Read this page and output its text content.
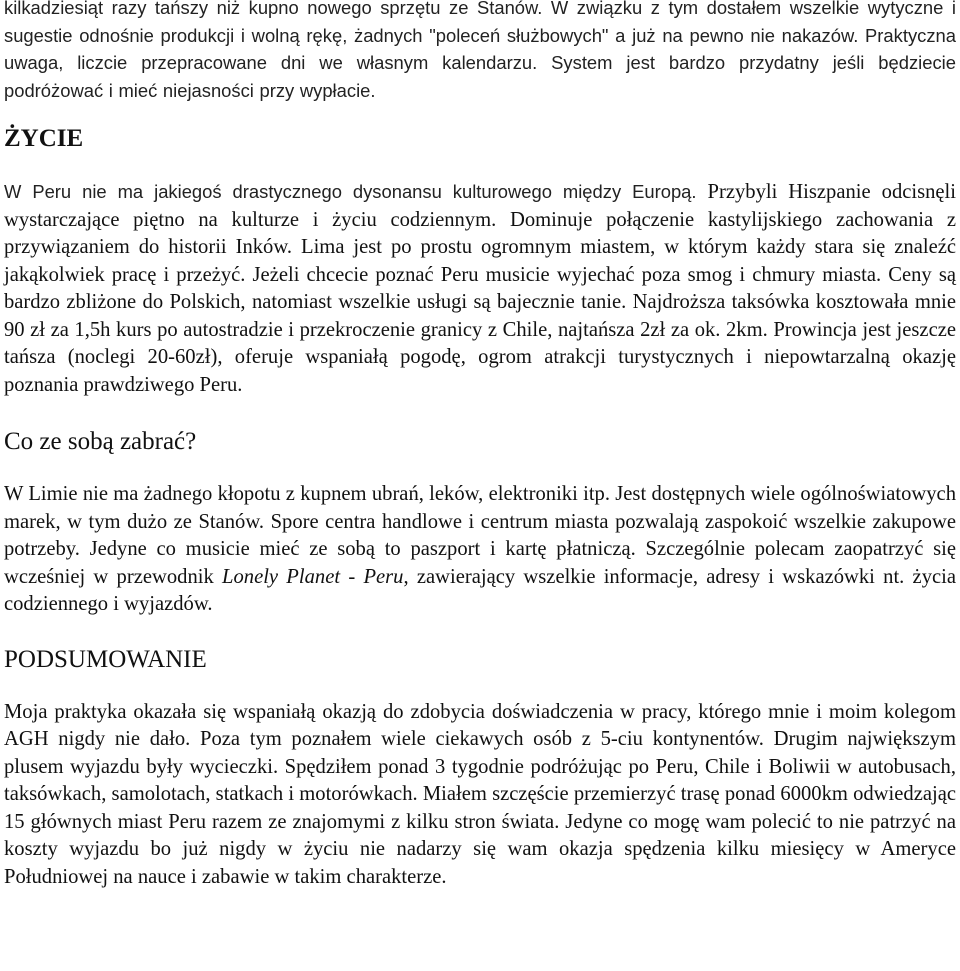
kilkadziesiąt razy tańszy niż kupno nowego sprzętu ze Stanów. W związku z tym dostałem wszelkie wytyczne i sugestie odnośnie produkcji i wolną rękę, żadnych "poleceń służbowych" a już na pewno nie nakazów. Praktyczna uwaga, liczcie przepracowane dni we własnym kalendarzu. System jest bardzo przydatny jeśli będziecie podróżować i mieć niejasności przy wypłacie.

ŻYCIE

W Peru nie ma jakiegoś drastycznego dysonansu kulturowego między Europą. Przybyli Hiszpanie odcisnęli wystarczające piętno na kulturze i życiu codziennym. Dominuje połączenie kastylijskiego zachowania z przywiązaniem do historii Inków. Lima jest po prostu ogromnym miastem, w którym każdy stara się znaleźć jakąkolwiek pracę i przeżyć. Jeżeli chcecie poznać Peru musicie wyjechać poza smog i chmury miasta. Ceny są bardzo zbliżone do Polskich, natomiast wszelkie usługi są bajecznie tanie. Najdroższa taksówka kosztowała mnie 90 zł za 1,5h kurs po autostradzie i przekroczenie granicy z Chile, najtańsza 2zł za ok. 2km. Prowincja jest jeszcze tańsza (noclegi 20-60zł), oferuje wspaniałą pogodę, ogrom atrakcji turystycznych i niepowtarzalną okazję poznania prawdziwego Peru.

Co ze sobą zabrać?

W Limie nie ma żadnego kłopotu z kupnem ubrań, leków, elektroniki itp. Jest dostępnych wiele ogólnoświatowych marek, w tym dużo ze Stanów. Spore centra handlowe i centrum miasta pozwalają zaspokoić wszelkie zakupowe potrzeby. Jedyne co musicie mieć ze sobą to paszport i kartę płatniczą. Szczególnie polecam zaopatrzyć się wcześniej w przewodnik Lonely Planet - Peru, zawierający wszelkie informacje, adresy i wskazówki nt. życia codziennego i wyjazdów.

PODSUMOWANIE

Moja praktyka okazała się wspaniałą okazją do zdobycia doświadczenia w pracy, którego mnie i moim kolegom AGH nigdy nie dało. Poza tym poznałem wiele ciekawych osób z 5-ciu kontynentów. Drugim największym plusem wyjazdu były wycieczki. Spędziłem ponad 3 tygodnie podróżując po Peru, Chile i Boliwii w autobusach, taksówkach, samolotach, statkach i motorówkach. Miałem szczęście przemierzyć trasę ponad 6000km odwiedzając 15 głównych miast Peru razem ze znajomymi z kilku stron świata. Jedyne co mogę wam polecić to nie patrzyć na koszty wyjazdu bo już nigdy w życiu nie nadarzy się wam okazja spędzenia kilku miesięcy w Ameryce Południowej na nauce i zabawie w takim charakterze.
